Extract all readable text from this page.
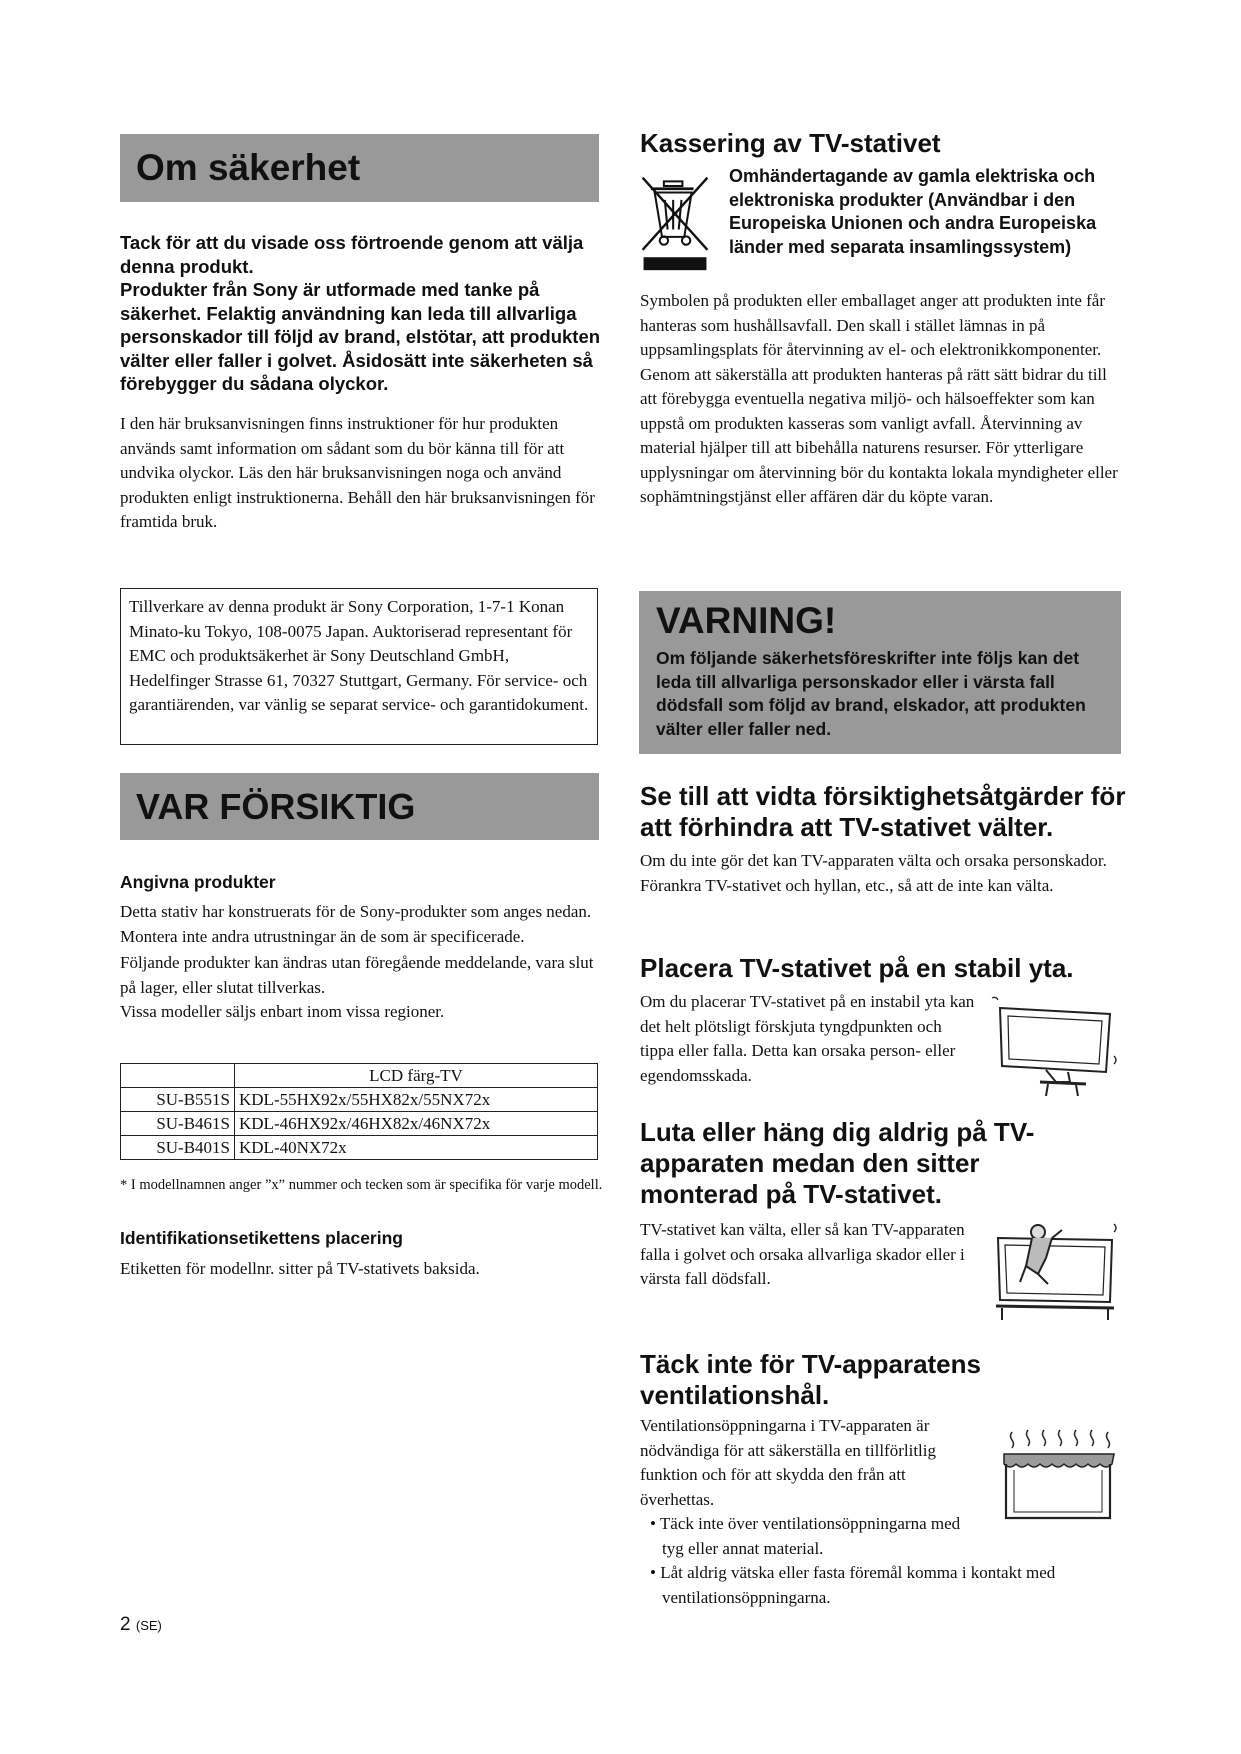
Om säkerhet
Tack för att du visade oss förtroende genom att välja denna produkt.
Produkter från Sony är utformade med tanke på säkerhet. Felaktig användning kan leda till allvarliga personskador till följd av brand, elstötar, att produkten välter eller faller i golvet. Åsidosätt inte säkerheten så förebygger du sådana olyckor.
I den här bruksanvisningen finns instruktioner för hur produkten används samt information om sådant som du bör känna till för att undvika olyckor. Läs den här bruksanvisningen noga och använd produkten enligt instruktionerna. Behåll den här bruksanvisningen för framtida bruk.
Tillverkare av denna produkt är Sony Corporation, 1-7-1 Konan Minato-ku Tokyo, 108-0075 Japan. Auktoriserad representant för EMC och produktsäkerhet är Sony Deutschland GmbH, Hedelfinger Strasse 61, 70327 Stuttgart, Germany. För service- och garantiärenden, var vänlig se separat service- och garantidokument.
VAR FÖRSIKTIG
Angivna produkter
Detta stativ har konstruerats för de Sony-produkter som anges nedan. Montera inte andra utrustningar än de som är specificerade.
Följande produkter kan ändras utan föregående meddelande, vara slut på lager, eller slutat tillverkas.
Vissa modeller säljs enbart inom vissa regioner.
	LCD färg-TV
SU-B551S	KDL-55HX92x/55HX82x/55NX72x
SU-B461S	KDL-46HX92x/46HX82x/46NX72x
SU-B401S	KDL-40NX72x
* I modellnamnen anger ”x” nummer och tecken som är specifika för varje modell.
Identifikationsetikettens placering
Etiketten för modellnr. sitter på TV-stativets baksida.
2 (SE)
Kassering av TV-stativet
Omhändertagande av gamla elektriska och elektroniska produkter (Användbar i den Europeiska Unionen och andra Europeiska länder med separata insamlingssystem)
Symbolen på produkten eller emballaget anger att produkten inte får hanteras som hushållsavfall. Den skall i stället lämnas in på uppsamlingsplats för återvinning av el- och elektronikkomponenter. Genom att säkerställa att produkten hanteras på rätt sätt bidrar du till att förebygga eventuella negativa miljö- och hälsoeffekter som kan uppstå om produkten kasseras som vanligt avfall. Återvinning av material hjälper till att bibehålla naturens resurser. För ytterligare upplysningar om återvinning bör du kontakta lokala myndigheter eller sophämtningstjänst eller affären där du köpte varan.
VARNING!
Om följande säkerhetsföreskrifter inte följs kan det leda till allvarliga personskador eller i värsta fall dödsfall som följd av brand, elskador, att produkten välter eller faller ned.
Se till att vidta försiktighetsåtgärder för att förhindra att TV-stativet välter.
Om du inte gör det kan TV-apparaten välta och orsaka personskador.
Förankra TV-stativet och hyllan, etc., så att de inte kan välta.
Placera TV-stativet på en stabil yta.
Om du placerar TV-stativet på en instabil yta kan det helt plötsligt förskjuta tyngdpunkten och tippa eller falla. Detta kan orsaka person- eller egendomsskada.
Luta eller häng dig aldrig på TV-apparaten medan den sitter monterad på TV-stativet.
TV-stativet kan välta, eller så kan TV-apparaten falla i golvet och orsaka allvarliga skador eller i värsta fall dödsfall.
Täck inte för TV-apparatens ventilationshål.
Ventilationsöppningarna i TV-apparaten är nödvändiga för att säkerställa en tillförlitlig funktion och för att skydda den från att överhettas.
• Täck inte över ventilationsöppningarna med tyg eller annat material.
• Låt aldrig vätska eller fasta föremål komma i kontakt med ventilationsöppningarna.
